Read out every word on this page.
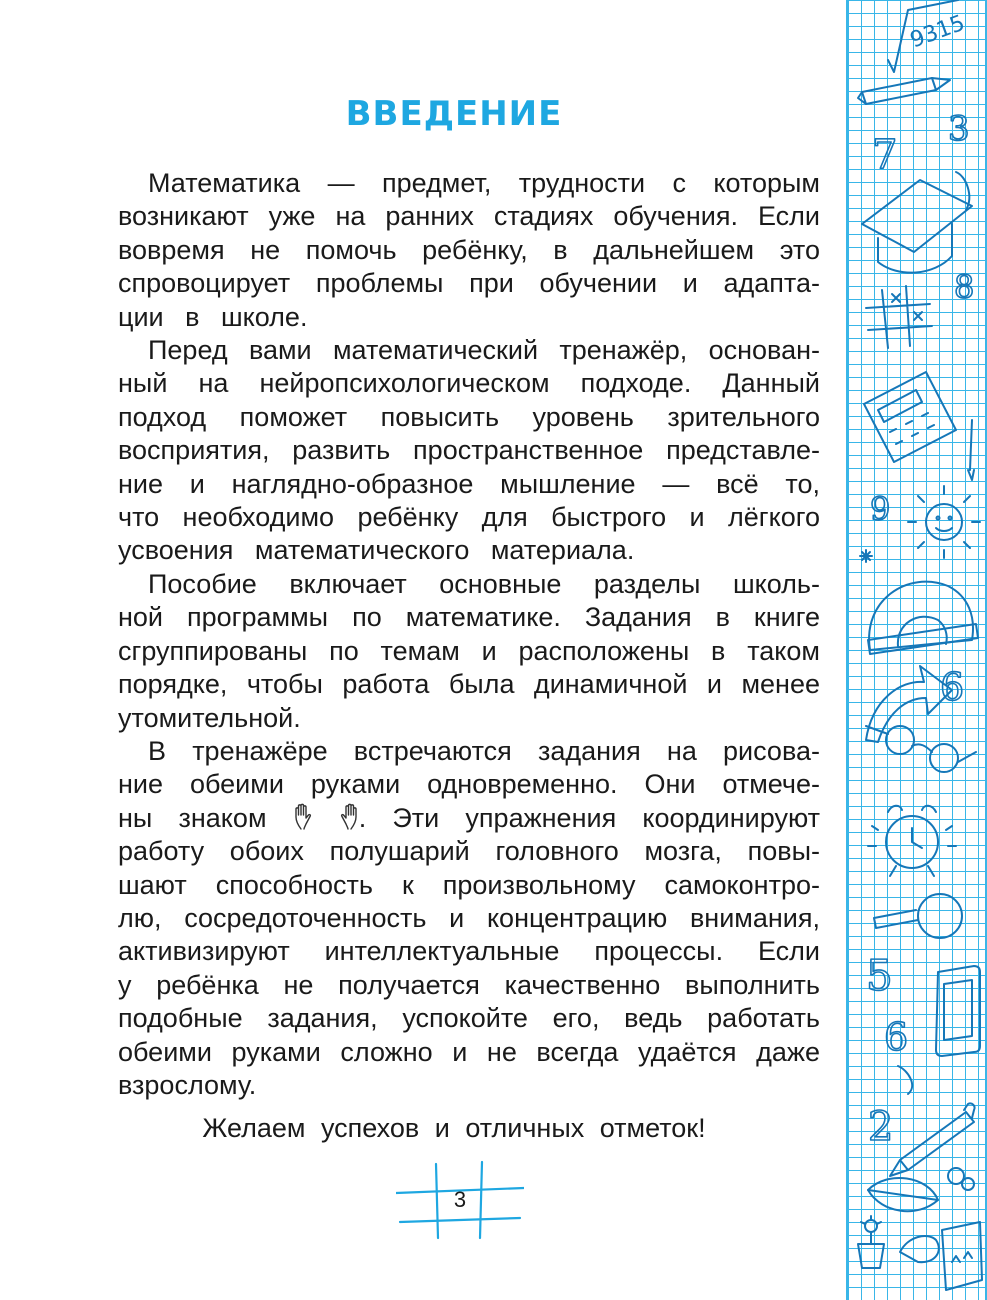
ВВЕДЕНИЕ

Математика — предмет, трудности с которым
возникают уже на ранних стадиях обучения. Если
вовремя не помочь ребёнку, в дальнейшем это
спровоцирует проблемы при обучении и адапта-
ции в школе.

Перед вами математический тренажёр, основан-
ный на нейропсихологическом подходе. Данный
подход поможет повысить уровень зрительного
восприятия, развить пространственное представле-
ние и наглядно-образное мышление — всё то,
что необходимо ребёнку для быстрого и лёгкого
усвоения математического материала.

Пособие включает основные разделы школь-
ной программы по математике. Задания в книге
сгруппированы по темам и расположены в таком
порядке, чтобы работа была динамичной и менее
утомительной.

В тренажёре встречаются задания на рисова-
ние обеими руками одновременно. Они отмече-
ны знаком	. Эти упражнения координируют
работу обоих полушарий головного мозга, повы-
шают способность к произвольному самоконтро-
лю, сосредоточенность и концентрацию внимания,
активизируют интеллектуальные процессы. Если
у ребёнка не получается качественно выполнить
подобные задания, успокойте его, ведь работать
обеими руками сложно и не всегда удаётся даже
взрослому.

Желаем успехов и отличных отметок!
3
9315
3
7
8
9
6
5
6
2
